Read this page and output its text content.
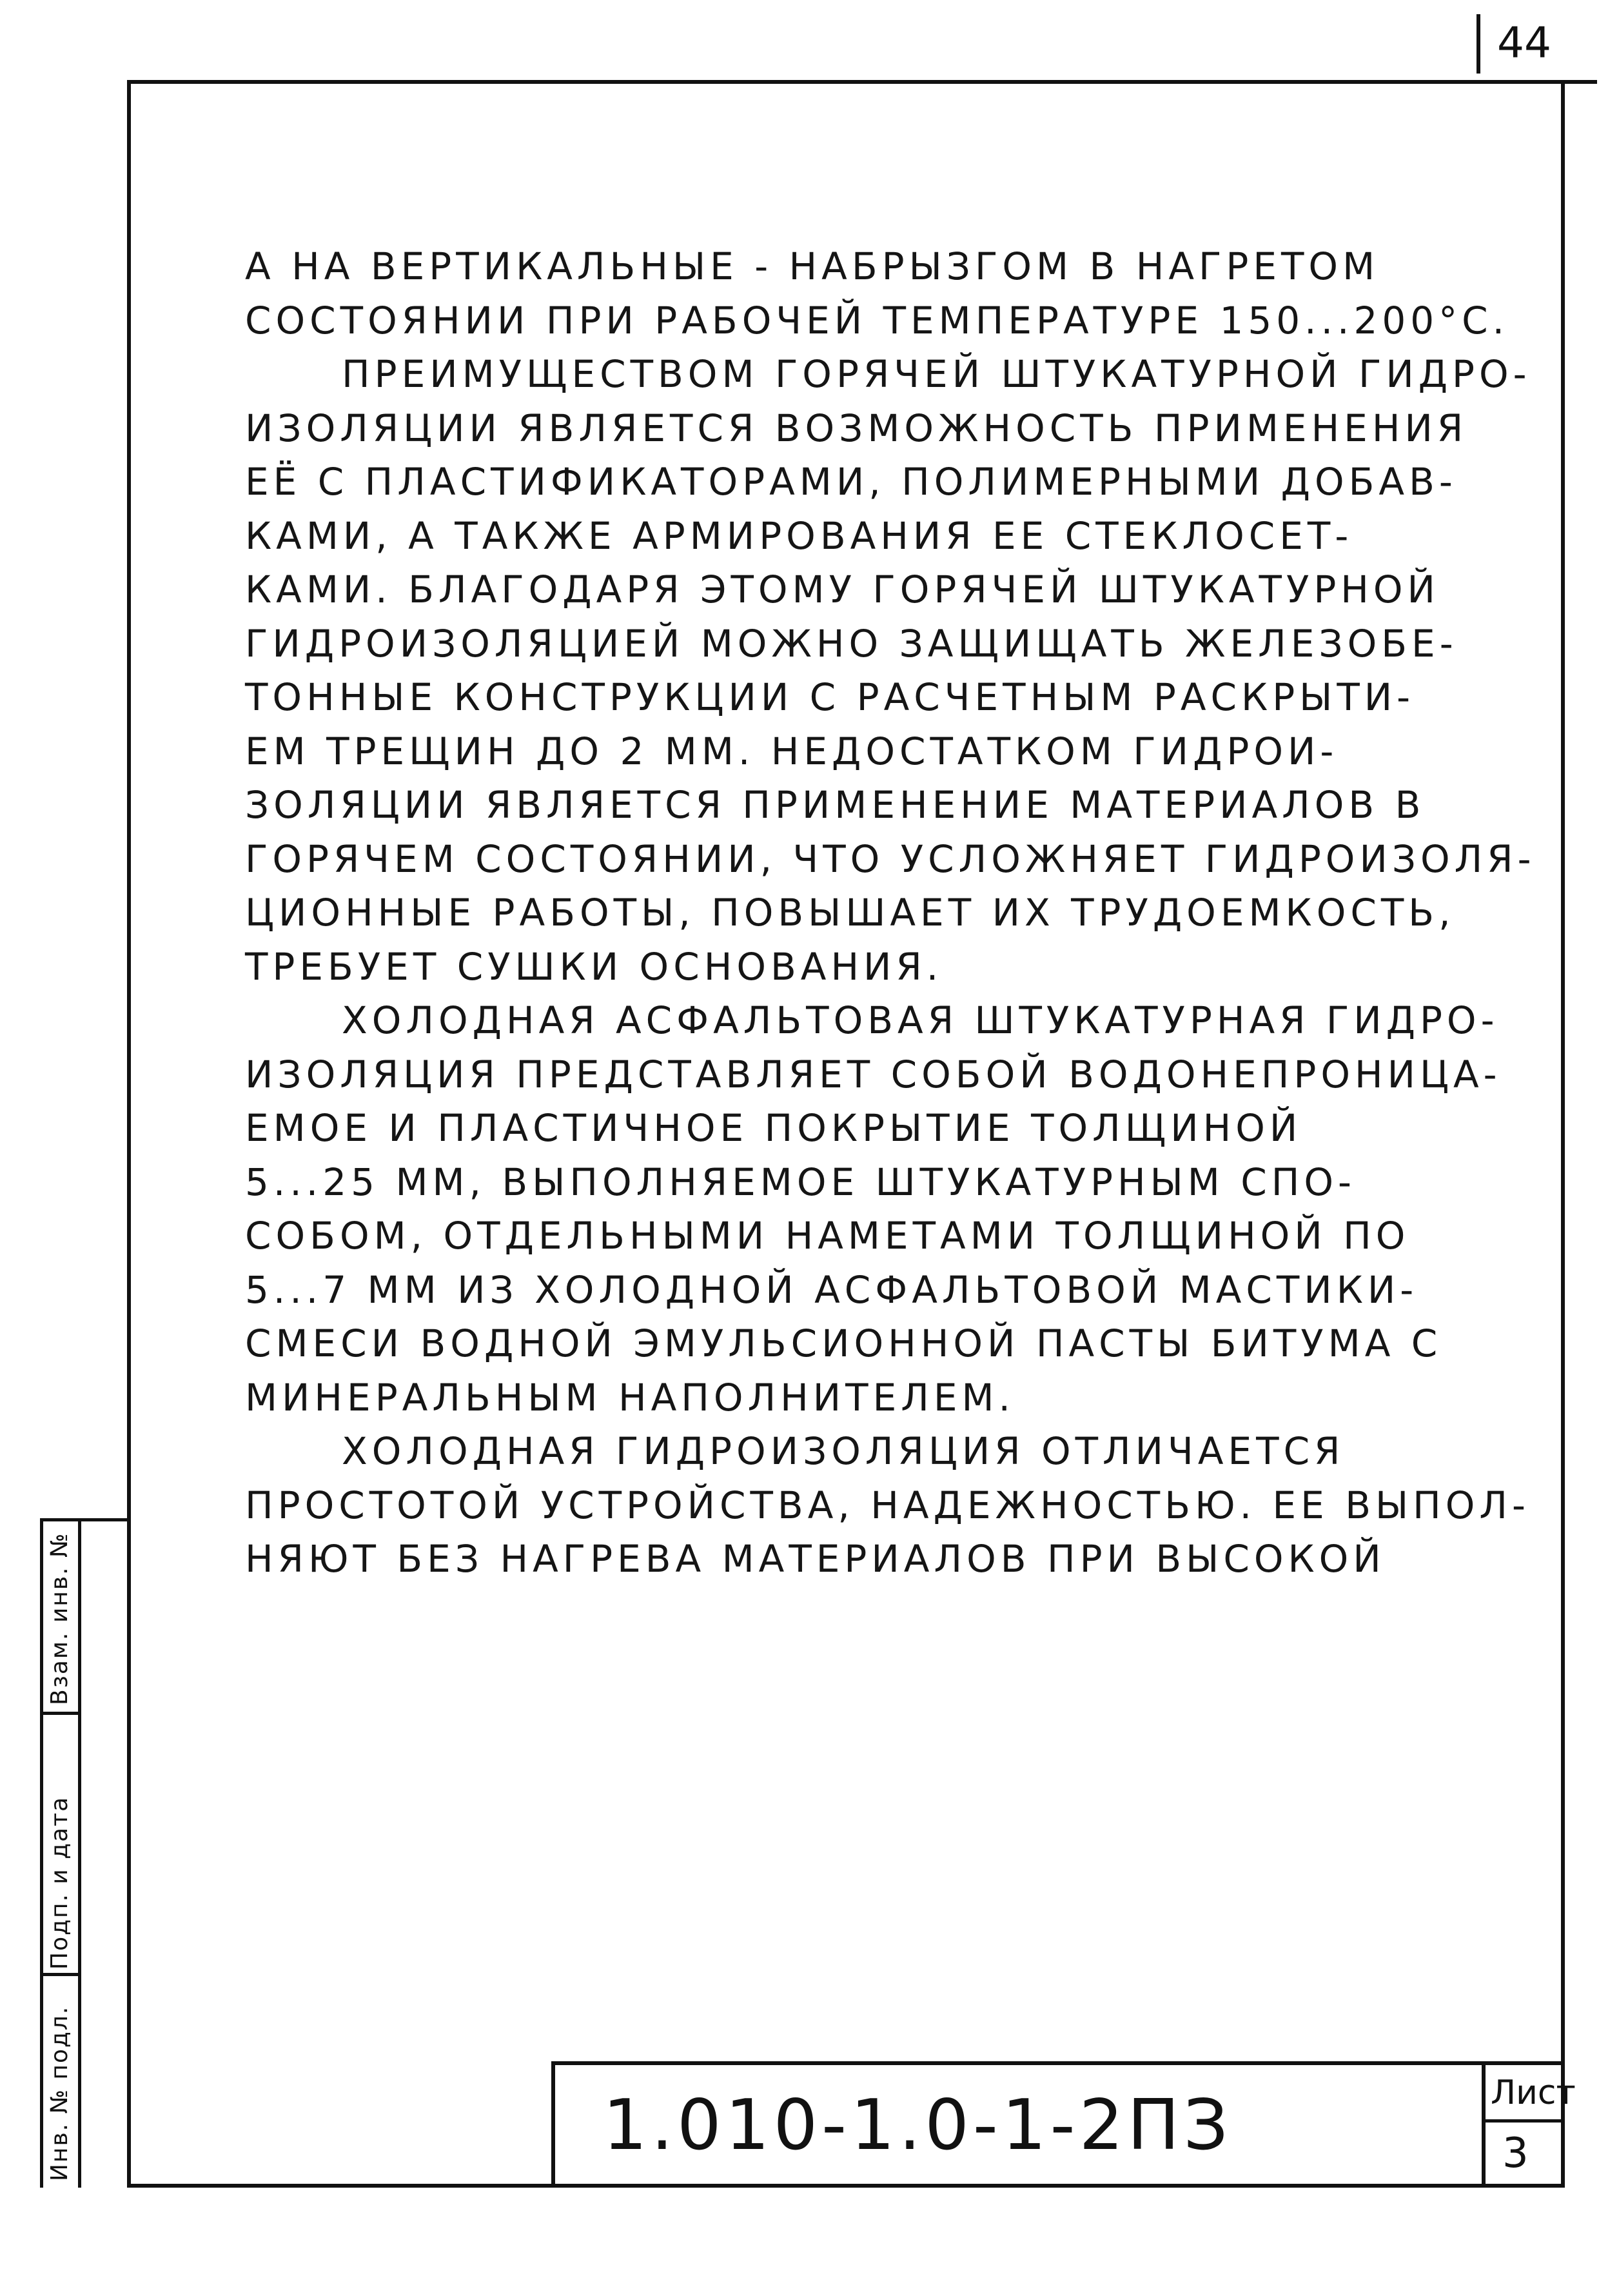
44
А НА ВЕРТИКАЛЬНЫЕ - НАБРЫЗГОМ В НАГРЕТОМ
СОСТОЯНИИ ПРИ РАБОЧЕЙ ТЕМПЕРАТУРЕ 150...200°С.
ПРЕИМУЩЕСТВОМ ГОРЯЧЕЙ ШТУКАТУРНОЙ ГИДРО-
ИЗОЛЯЦИИ ЯВЛЯЕТСЯ ВОЗМОЖНОСТЬ ПРИМЕНЕНИЯ
ЕЁ С ПЛАСТИФИКАТОРАМИ, ПОЛИМЕРНЫМИ ДОБАВ-
КАМИ, А ТАКЖЕ АРМИРОВАНИЯ ЕЕ СТЕКЛОСЕТ-
КАМИ. БЛАГОДАРЯ ЭТОМУ ГОРЯЧЕЙ ШТУКАТУРНОЙ
ГИДРОИЗОЛЯЦИЕЙ МОЖНО ЗАЩИЩАТЬ ЖЕЛЕЗОБЕ-
ТОННЫЕ КОНСТРУКЦИИ С РАСЧЕТНЫМ РАСКРЫТИ-
ЕМ ТРЕЩИН ДО 2 ММ. НЕДОСТАТКОМ ГИДРОИ-
ЗОЛЯЦИИ ЯВЛЯЕТСЯ ПРИМЕНЕНИЕ МАТЕРИАЛОВ В
ГОРЯЧЕМ СОСТОЯНИИ, ЧТО УСЛОЖНЯЕТ ГИДРОИЗОЛЯ-
ЦИОННЫЕ РАБОТЫ, ПОВЫШАЕТ ИХ ТРУДОЕМКОСТЬ,
ТРЕБУЕТ СУШКИ ОСНОВАНИЯ.
ХОЛОДНАЯ АСФАЛЬТОВАЯ ШТУКАТУРНАЯ ГИДРО-
ИЗОЛЯЦИЯ ПРЕДСТАВЛЯЕТ СОБОЙ ВОДОНЕПРОНИЦА-
ЕМОЕ И ПЛАСТИЧНОЕ ПОКРЫТИЕ ТОЛЩИНОЙ
5...25 ММ, ВЫПОЛНЯЕМОЕ ШТУКАТУРНЫМ СПО-
СОБОМ, ОТДЕЛЬНЫМИ НАМЕТАМИ ТОЛЩИНОЙ ПО
5...7 ММ ИЗ ХОЛОДНОЙ АСФАЛЬТОВОЙ МАСТИКИ-
СМЕСИ ВОДНОЙ ЭМУЛЬСИОННОЙ ПАСТЫ БИТУМА С
МИНЕРАЛЬНЫМ НАПОЛНИТЕЛЕМ.
ХОЛОДНАЯ ГИДРОИЗОЛЯЦИЯ ОТЛИЧАЕТСЯ
ПРОСТОТОЙ УСТРОЙСТВА, НАДЕЖНОСТЬЮ. ЕЕ ВЫПОЛ-
НЯЮТ БЕЗ НАГРЕВА МАТЕРИАЛОВ ПРИ ВЫСОКОЙ
Взам. инв. №
Подп. и дата
Инв. № подл.	1.010-1.0-1-2ПЗ	Лист
3
